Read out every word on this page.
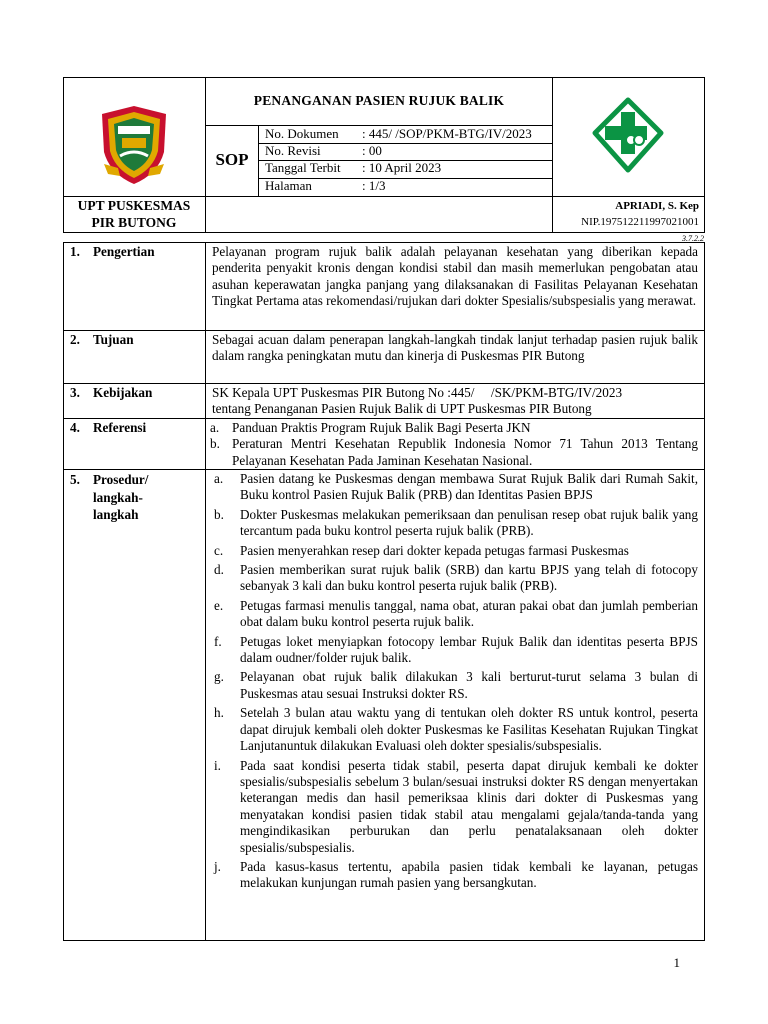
PENANGANAN PASIEN RUJUK BALIK
SOP
No. Dokumen	: 445/ /SOP/PKM-BTG/IV/2023
No. Revisi	: 00
Tanggal Terbit	: 10 April 2023
Halaman	: 1/3
UPT PUSKESMAS
PIR BUTONG
APRIADI, S. Kep
NIP.197512211997021001
3.7.2.2
1. Pengertian	Pelayanan program rujuk balik adalah pelayanan kesehatan yang diberikan kepada penderita penyakit kronis dengan kondisi stabil dan masih memerlukan pengobatan atau asuhan keperawatan jangka panjang yang dilaksanakan di Fasilitas Pelayanan Kesehatan Tingkat Pertama atas rekomendasi/rujukan dari dokter Spesialis/subspesialis yang merawat.
2. Tujuan	Sebagai acuan dalam penerapan langkah-langkah tindak lanjut terhadap pasien rujuk balik dalam rangka peningkatan mutu dan kinerja di Puskesmas PIR Butong
3. Kebijakan	SK Kepala UPT Puskesmas PIR Butong No :445/     /SK/PKM-BTG/IV/2023
tentang Penanganan Pasien Rujuk Balik di UPT Puskesmas PIR Butong
4. Referensi	a. Panduan Praktis Program Rujuk Balik Bagi Peserta JKN
b. Peraturan Mentri Kesehatan Republik Indonesia Nomor 71 Tahun 2013 Tentang Pelayanan Kesehatan Pada Jaminan Kesehatan Nasional.
5. Prosedur/
langkah-
langkah
a.	Pasien datang ke Puskesmas dengan membawa Surat Rujuk Balik dari Rumah Sakit, Buku kontrol Pasien Rujuk Balik (PRB) dan Identitas Pasien BPJS
b.	Dokter Puskesmas melakukan pemeriksaan dan penulisan resep obat rujuk balik yang tercantum pada buku kontrol peserta rujuk balik (PRB).
c.	Pasien menyerahkan resep dari dokter kepada petugas farmasi Puskesmas
d.	Pasien memberikan surat rujuk balik (SRB) dan kartu BPJS yang telah di fotocopy sebanyak 3 kali dan buku kontrol peserta rujuk balik (PRB).
e.	Petugas farmasi menulis tanggal, nama obat, aturan pakai obat dan jumlah pemberian obat dalam buku kontrol peserta rujuk balik.
f.	Petugas loket menyiapkan fotocopy lembar Rujuk Balik dan identitas peserta BPJS dalam oudner/folder rujuk balik.
g.	Pelayanan obat rujuk balik dilakukan 3 kali berturut-turut selama 3 bulan di Puskesmas atau sesuai Instruksi dokter RS.
h.	Setelah 3 bulan atau waktu yang di tentukan oleh dokter RS untuk kontrol, peserta dapat dirujuk kembali oleh dokter Puskesmas ke Fasilitas Kesehatan Rujukan Tingkat Lanjutanuntuk dilakukan Evaluasi oleh dokter spesialis/subspesialis.
i.	Pada saat kondisi peserta tidak stabil, peserta dapat dirujuk kembali ke dokter spesialis/subspesialis sebelum 3 bulan/sesuai instruksi dokter RS dengan menyertakan keterangan medis dan hasil pemeriksaa klinis dari dokter di Puskesmas yang menyatakan kondisi pasien tidak stabil atau mengalami gejala/tanda-tanda yang mengindikasikan perburukan dan perlu penatalaksanaan oleh dokter spesialis/subspesialis.
j.	Pada kasus-kasus tertentu, apabila pasien tidak kembali ke layanan, petugas melakukan kunjungan rumah pasien yang bersangkutan.
1
